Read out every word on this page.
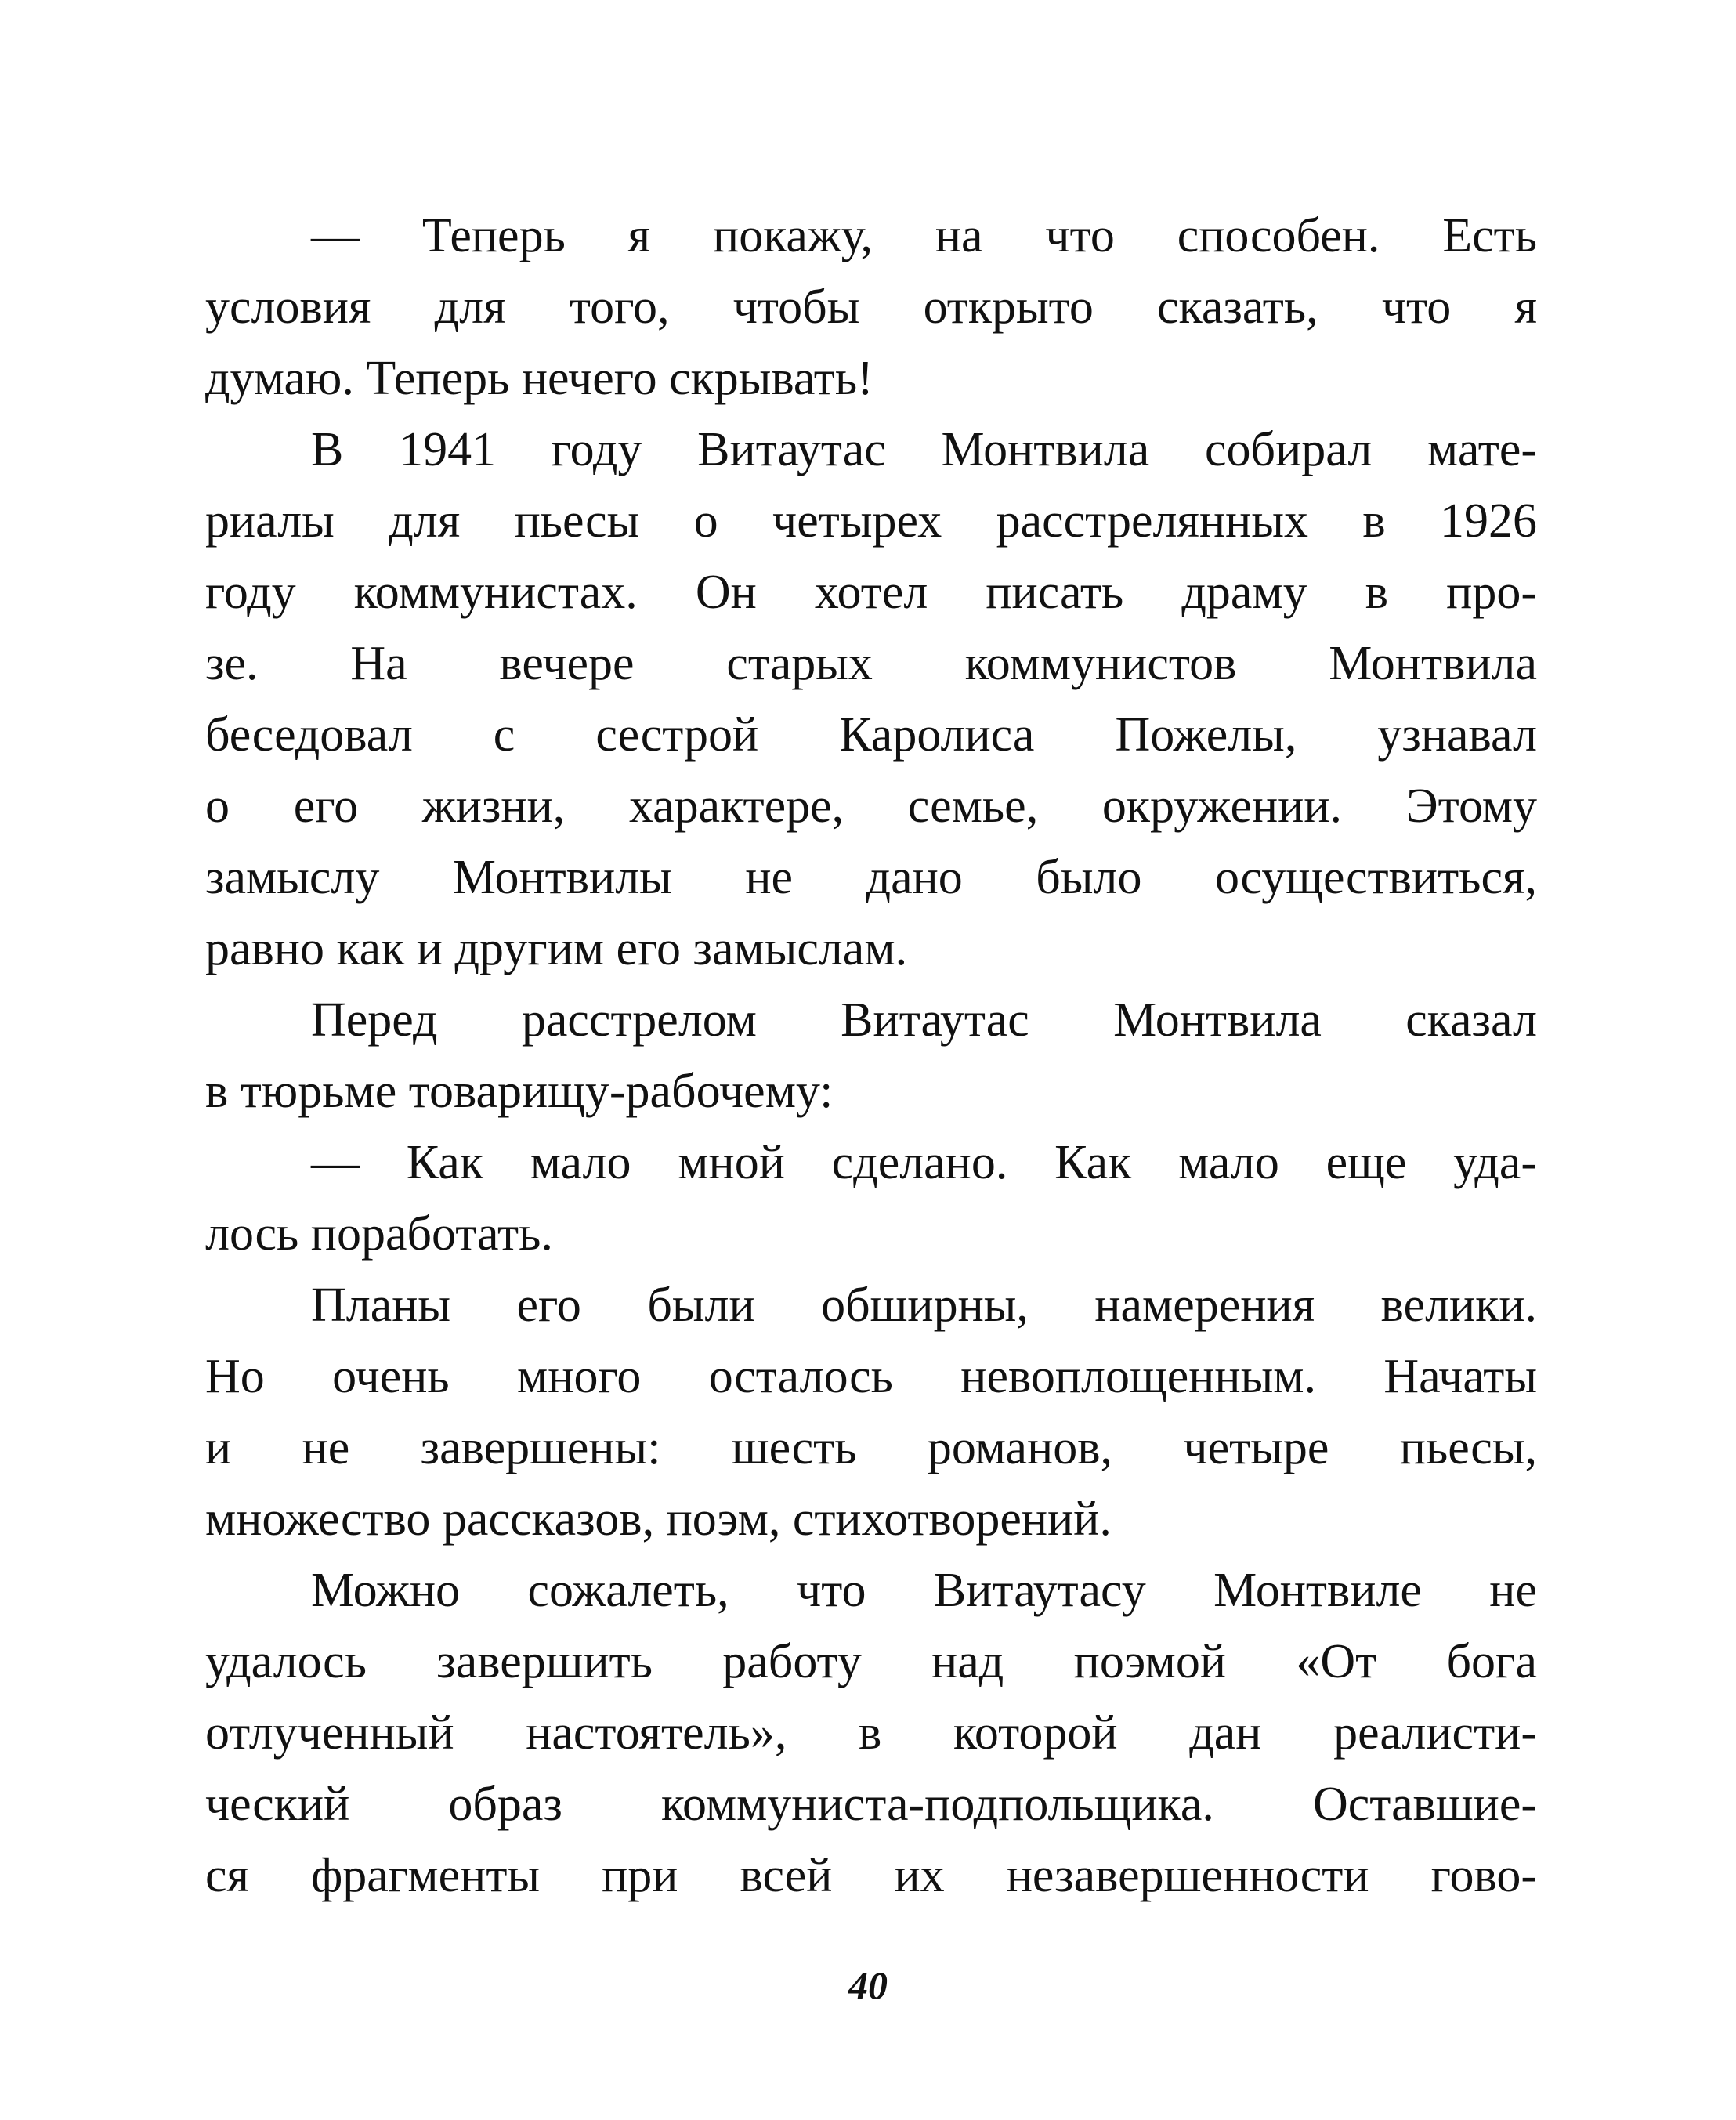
— Теперь я покажу, на что способен. Есть
условия для того, чтобы открыто сказать, что я
думаю. Теперь нечего скрывать!
В 1941 году Витаутас Монтвила собирал мате-
риалы для пьесы о четырех расстрелянных в 1926
году коммунистах. Он хотел писать драму в про-
зе. На вечере старых коммунистов Монтвила
беседовал с сестрой Каролиса Пожелы, узнавал
о его жизни, характере, семье, окружении. Этому
замыслу Монтвилы не дано было осуществиться,
равно как и другим его замыслам.
Перед расстрелом Витаутас Монтвила сказал
в тюрьме товарищу-рабочему:
— Как мало мной сделано. Как мало еще уда-
лось поработать.
Планы его были обширны, намерения велики.
Но очень много осталось невоплощенным. Начаты
и не завершены: шесть романов, четыре пьесы,
множество рассказов, поэм, стихотворений.
Можно сожалеть, что Витаутасу Монтвиле не
удалось завершить работу над поэмой «От бога
отлученный настоятель», в которой дан реалисти-
ческий образ коммуниста-подпольщика. Оставшие-
ся фрагменты при всей их незавершенности гово-
40
